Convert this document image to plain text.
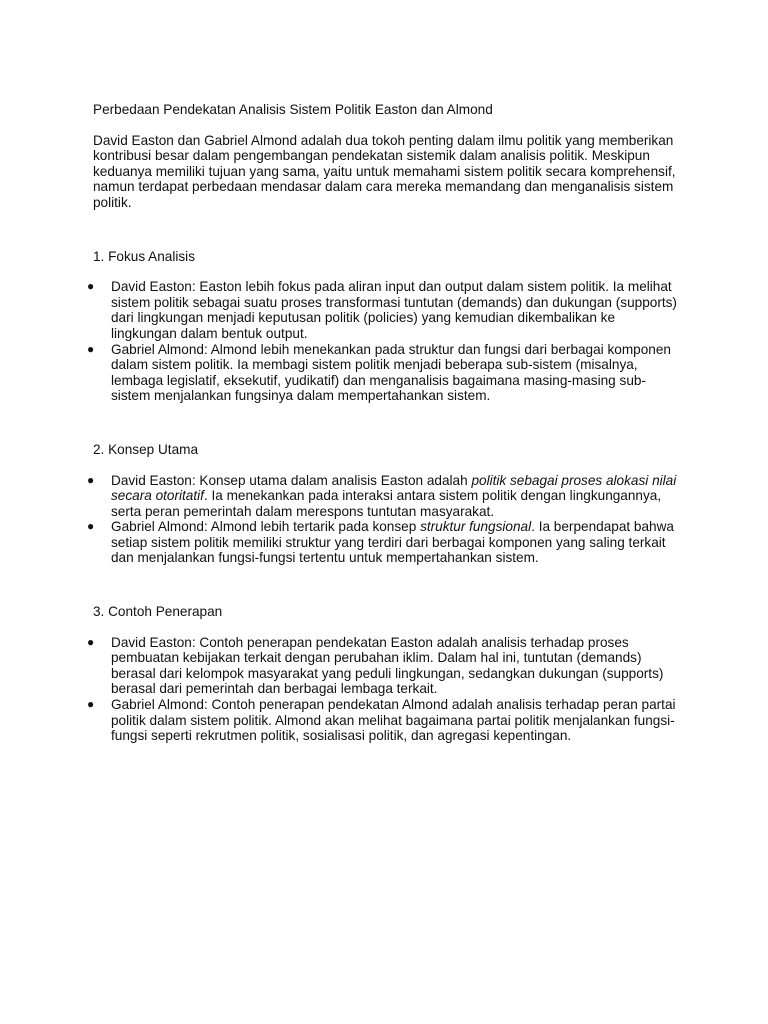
Perbedaan Pendekatan Analisis Sistem Politik Easton dan Almond

David Easton dan Gabriel Almond adalah dua tokoh penting dalam ilmu politik yang memberikan kontribusi besar dalam pengembangan pendekatan sistemik dalam analisis politik. Meskipun keduanya memiliki tujuan yang sama, yaitu untuk memahami sistem politik secara komprehensif, namun terdapat perbedaan mendasar dalam cara mereka memandang dan menganalisis sistem politik.

1. Fokus Analisis

● David Easton: Easton lebih fokus pada aliran input dan output dalam sistem politik. Ia melihat sistem politik sebagai suatu proses transformasi tuntutan (demands) dan dukungan (supports) dari lingkungan menjadi keputusan politik (policies) yang kemudian dikembalikan ke lingkungan dalam bentuk output.
● Gabriel Almond: Almond lebih menekankan pada struktur dan fungsi dari berbagai komponen dalam sistem politik. Ia membagi sistem politik menjadi beberapa sub-sistem (misalnya, lembaga legislatif, eksekutif, yudikatif) dan menganalisis bagaimana masing-masing sub-sistem menjalankan fungsinya dalam mempertahankan sistem.

2. Konsep Utama

● David Easton: Konsep utama dalam analisis Easton adalah politik sebagai proses alokasi nilai secara otoritatif. Ia menekankan pada interaksi antara sistem politik dengan lingkungannya, serta peran pemerintah dalam merespons tuntutan masyarakat.
● Gabriel Almond: Almond lebih tertarik pada konsep struktur fungsional. Ia berpendapat bahwa setiap sistem politik memiliki struktur yang terdiri dari berbagai komponen yang saling terkait dan menjalankan fungsi-fungsi tertentu untuk mempertahankan sistem.

3. Contoh Penerapan

● David Easton: Contoh penerapan pendekatan Easton adalah analisis terhadap proses pembuatan kebijakan terkait dengan perubahan iklim. Dalam hal ini, tuntutan (demands) berasal dari kelompok masyarakat yang peduli lingkungan, sedangkan dukungan (supports) berasal dari pemerintah dan berbagai lembaga terkait.
● Gabriel Almond: Contoh penerapan pendekatan Almond adalah analisis terhadap peran partai politik dalam sistem politik. Almond akan melihat bagaimana partai politik menjalankan fungsi-fungsi seperti rekrutmen politik, sosialisasi politik, dan agregasi kepentingan.
